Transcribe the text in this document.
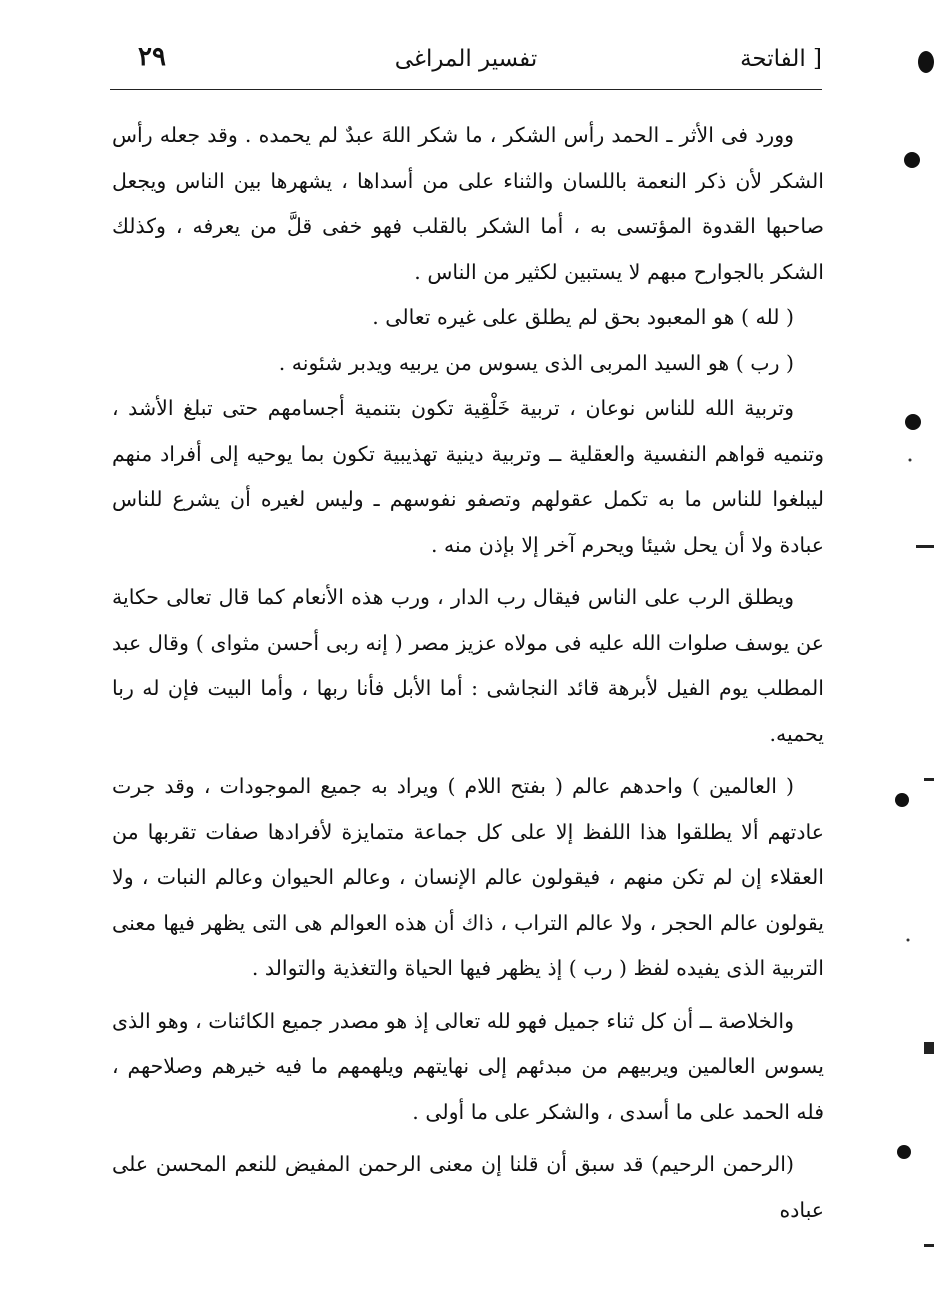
[ الفاتحة
تفسير المراغى
٢٩

وورد فى الأثر ـ الحمد رأس الشكر ، ما شكر اللهَ عبدٌ لم يحمده . وقد جعله رأس الشكر لأن ذكر النعمة باللسان والثناء على من أسداها ، يشهرها بين الناس ويجعل صاحبها القدوة المؤتسى به ، أما الشكر بالقلب فهو خفى قلَّ من يعرفه ، وكذلك الشكر بالجوارح مبهم لا يستبين لكثير من الناس .

( لله ) هو المعبود بحق لم يطلق على غيره تعالى .

( رب ) هو السيد المربى الذى يسوس من يربيه ويدبر شئونه .

وتربية الله للناس نوعان ، تربية خَلْقِية تكون بتنمية أجسامهم حتى تبلغ الأشد ، وتنميه قواهم النفسية والعقلية ــ وتربية دينية تهذيبية تكون بما يوحيه إلى أفراد منهم ليبلغوا للناس ما به تكمل عقولهم وتصفو نفوسهم ـ وليس لغيره أن يشرع للناس عبادة ولا أن يحل شيئا ويحرم آخر إلا بإذن منه .

ويطلق الرب على الناس فيقال رب الدار ، ورب هذه الأنعام كما قال تعالى حكاية عن يوسف صلوات الله عليه فى مولاه عزيز مصر ( إنه ربى أحسن مثواى ) وقال عبد المطلب يوم الفيل لأبرهة قائد النجاشى : أما الأبل فأنا ربها ، وأما البيت فإن له ربا يحميه.

( العالمين ) واحدهم عالم ( بفتح اللام ) ويراد به جميع الموجودات ، وقد جرت عادتهم ألا يطلقوا هذا اللفظ إلا على كل جماعة متمايزة لأفرادها صفات تقربها من العقلاء إن لم تكن منهم ، فيقولون عالم الإنسان ، وعالم الحيوان وعالم النبات ، ولا يقولون عالم الحجر ، ولا عالم التراب ، ذاك أن هذه العوالم هى التى يظهر فيها معنى التربية الذى يفيده لفظ ( رب ) إذ يظهر فيها الحياة والتغذية والتوالد .

والخلاصة ــ أن كل ثناء جميل فهو لله تعالى إذ هو مصدر جميع الكائنات ، وهو الذى يسوس العالمين ويربيهم من مبدئهم إلى نهايتهم ويلهمهم ما فيه خيرهم وصلاحهم ، فله الحمد على ما أسدى ، والشكر على ما أولى .

(الرحمن الرحيم) قد سبق أن قلنا إن معنى الرحمن المفيض للنعم المحسن على عباده
